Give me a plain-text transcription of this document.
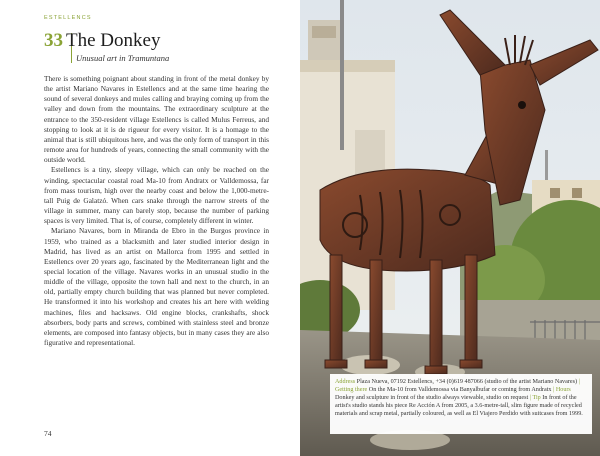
ESTELLENCS
33 The Donkey
Unusual art in Tramuntana

There is something poignant about standing in front of the metal donkey by the artist Mariano Navares in Estellencs and at the same time hearing the sound of several donkeys and mules calling and braying coming up from the valley and down from the mountains. The extraordinary sculpture at the entrance to the 350-resident village Estellencs is called Mulus Ferreus, and stopping to look at it is de rigueur for every visitor. It is a homage to the animal that is still ubiquitous here, and was the only form of transport in this remote area for hundreds of years, connecting the small community with the outside world.

Estellencs is a tiny, sleepy village, which can only be reached on the winding, spectacular coastal road Ma-10 from Andratx or Valldemossa, far from mass tourism, high over the nearby coast and below the 1,000-metre-tall Puig de Galatzó. When cars snake through the narrow streets of the village in summer, many can barely stop, because the number of parking spaces is very limited. That is, of course, completely different in winter.

Mariano Navares, born in Miranda de Ebro in the Burgos province in 1959, who trained as a blacksmith and later studied interior design in Madrid, has lived as an artist on Mallorca from 1995 and settled in Estellencs over 20 years ago, fascinated by the Mediterranean light and the special location of the village. Navares works in an unusual studio in the middle of the village, opposite the town hall and next to the church, in an old, partially empty church building that was planned but never completed. He transformed it into his workshop and creates his art here with welding machines, files and hacksaws. Old engine blocks, crankshafts, shock absorbers, body parts and screws, combined with stainless steel and bronze elements, are composed into fantasy objects, but in many cases they are also figurative and representational.

74
Address Plaza Nueva, 07192 Estellencs, +34 (0)619 487066 (studio of the artist Mariano Navares) | Getting there On the Ma-10 from Valldemossa via Banyalbufar or coming from Andratx | Hours Donkey and sculpture in front of the studio always viewable, studio on request | Tip In front of the artist's studio stands his piece Re Acción A from 2005, a 3.6-metre-tall, slim figure made of recycled materials and scrap metal, partially coloured, as well as El Viajero Perdido with suitcases from 1999.
